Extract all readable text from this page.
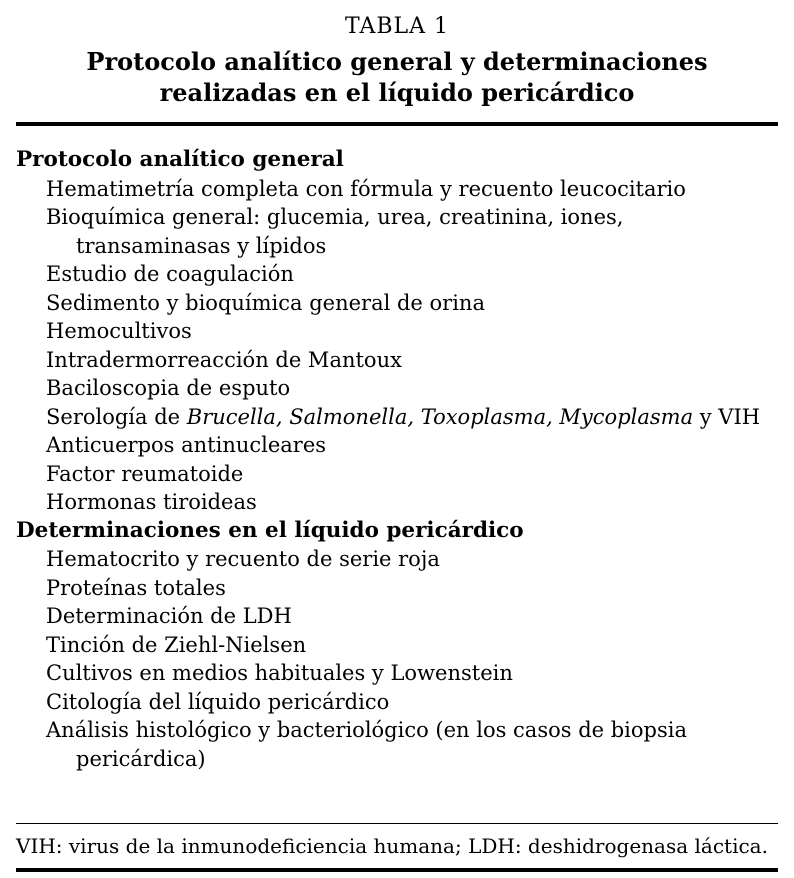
TABLA 1
Protocolo analítico general y determinaciones realizadas en el líquido pericárdico
Protocolo analítico general
Hematimetría completa con fórmula y recuento leucocitario
Bioquímica general: glucemia, urea, creatinina, iones, transaminasas y lípidos
Estudio de coagulación
Sedimento y bioquímica general de orina
Hemocultivos
Intradermorreacción de Mantoux
Baciloscopia de esputo
Serología de Brucella, Salmonella, Toxoplasma, Mycoplasma y VIH
Anticuerpos antinucleares
Factor reumatoide
Hormonas tiroideas
Determinaciones en el líquido pericárdico
Hematocrito y recuento de serie roja
Proteínas totales
Determinación de LDH
Tinción de Ziehl-Nielsen
Cultivos en medios habituales y Lowenstein
Citología del líquido pericárdico
Análisis histológico y bacteriológico (en los casos de biopsia pericárdica)
VIH: virus de la inmunodeficiencia humana; LDH: deshidrogenasa láctica.
